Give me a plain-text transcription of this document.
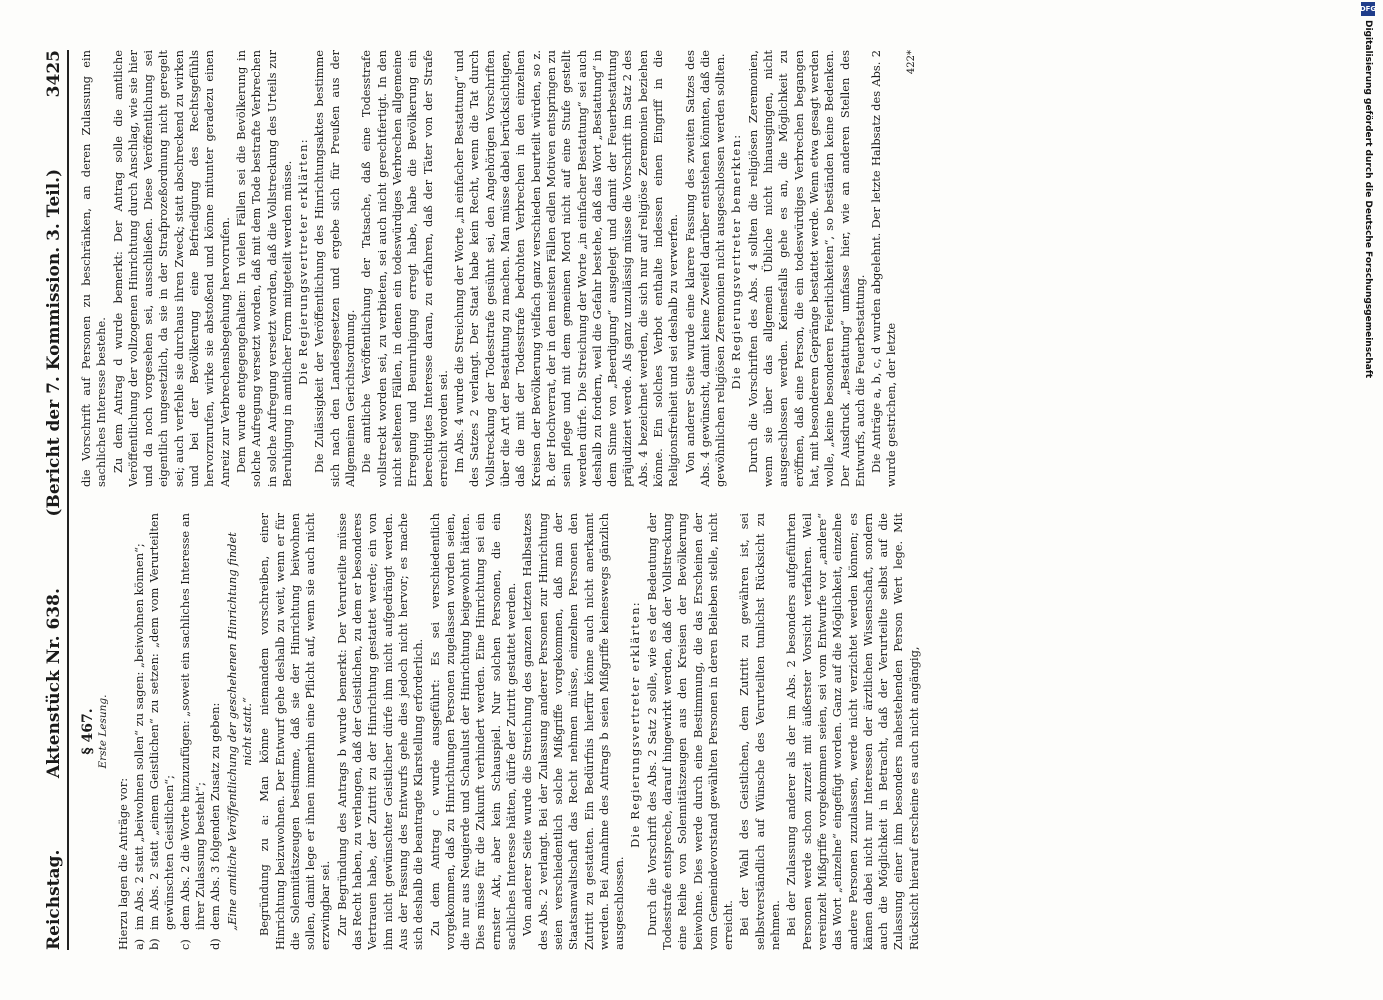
Reichstag.
Aktenstück Nr. 638.
(Bericht der 7. Kommission. 3. Teil.)
3425
§ 467. Erste Lesung.

Hierzu lagen die Anträge vor: a)
im Abs. 2 statt „beiwohnen sollen“ zu sagen: „beiwohnen können“;
b)
im Abs. 2 statt „einem Geistlichen“ zu setzen: „dem vom Verurteilten gewünschten Geistlichen“;
c)
dem Abs. 2 die Worte hinzuzufügen: „soweit ein sachliches Interesse an ihrer Zulassung besteht“;
d)
dem Abs. 3 folgenden Zusatz zu geben: „Eine amtliche Veröffentlichung der geschehenen Hinrichtung findet nicht statt.“ Begründung zu a: Man könne niemandem vorschreiben, einer Hinrichtung beizuwohnen. Der Entwurf gehe deshalb zu weit, wenn er für die Solennitätszeugen bestimme, daß sie der Hinrichtung beiwohnen sollen, damit lege er ihnen immerhin eine Pflicht auf, wenn sie auch nicht erzwingbar sei. Zur Begründung des Antrags b wurde bemerkt: Der Verurteilte müsse das Recht haben, zu verlangen, daß der Geistlichen, zu dem er besonderes Vertrauen habe, der Zutritt zu der Hinrichtung gestattet werde; ein von ihm nicht gewünschter Geistlicher dürfe ihm nicht aufgedrängt werden. Aus der Fassung des Entwurfs gehe dies jedoch nicht hervor; es mache sich deshalb die beantragte Klarstellung erforderlich. Zu dem Antrag c wurde ausgeführt: Es sei verschiedentlich vorgekommen, daß zu Hinrichtungen Personen zugelassen worden seien, die nur aus Neugierde und Schaulust der Hinrichtung beigewohnt hätten. Dies müsse für die Zukunft verhindert werden. Eine Hinrichtung sei ein ernster Akt, aber kein Schauspiel. Nur solchen Personen, die ein sachliches Interesse hätten, dürfe der Zutritt gestattet werden. Von anderer Seite wurde die Streichung des ganzen letzten Halbsatzes des Abs. 2 verlangt. Bei der Zulassung anderer Personen zur Hinrichtung seien verschiedentlich solche Mißgriffe vorgekommen, daß man der Staatsanwaltschaft das Recht nehmen müsse, einzelnen Personen den Zutritt zu gestatten. Ein Bedürfnis hierfür könne auch nicht anerkannt werden. Bei Annahme des Antrags b seien Mißgriffe keineswegs gänzlich ausgeschlossen.

Die Regierungsvertreter erklärten: Durch die Vorschrift des Abs. 2 Satz 2 solle, wie es der Bedeutung der Todesstrafe entspreche, darauf hingewirkt werden, daß der Vollstreckung eine Reihe von Solennitätszeugen aus den Kreisen der Bevölkerung beiwohne. Dies werde durch eine Bestimmung, die das Erscheinen der vom Gemeindevorstand gewählten Personen in deren Belieben stelle, nicht erreicht. Bei der Wahl des Geistlichen, dem Zutritt zu gewähren ist, sei selbstverständlich auf Wünsche des Verurteilten tunlichst Rücksicht zu nehmen. Bei der Zulassung anderer als der im Abs. 2 besonders aufgeführten Personen werde schon zurzeit mit äußerster Vorsicht verfahren. Weil vereinzelt Mißgriffe vorgekommen seien, sei vom Entwurfe vor „andere“ das Wort „einzelne“ eingefügt worden. Ganz auf die Möglichkeit, einzelne andere Personen zuzulassen, werde nicht verzichtet werden können; es kämen dabei nicht nur Interessen der ärztlichen Wissenschaft, sondern auch die Möglichkeit in Betracht, daß der Verurteilte selbst auf die Zulassung einer ihm besonders nahestehenden Person Wert lege. Mit Rücksicht hierauf erscheine es auch nicht angängig,

die Vorschrift auf Personen zu beschränken, an deren Zulassung ein sachliches Interesse bestehe. Zu dem Antrag d wurde bemerkt: Der Antrag solle die amtliche Veröffentlichung der vollzogenen Hinrichtung durch Anschlag, wie sie hier und da noch vorgesehen sei, ausschließen. Diese Veröffentlichung sei eigentlich ungesetzlich, da sie in der Strafprozeßordnung nicht geregelt sei; auch verfehle sie durchaus ihren Zweck; statt abschreckend zu wirken und bei der Bevölkerung eine Befriedigung des Rechtsgefühls hervorzurufen, wirke sie abstoßend und könne mitunter geradezu einen Anreiz zur Verbrechensbegehung hervorrufen. Dem wurde entgegengehalten: In vielen Fällen sei die Bevölkerung in solche Aufregung versetzt worden, daß mit dem Tode bestrafte Verbrechen in solche Aufregung versetzt worden, daß die Vollstreckung des Urteils zur Beruhigung in amtlicher Form mitgeteilt werden müsse. Die Regierungsvertreter erklärten: Die Zulässigkeit der Veröffentlichung des Hinrichtungsaktes bestimme sich nach den Landesgesetzen und ergebe sich für Preußen aus der Allgemeinen Gerichtsordnung. Die amtliche Veröffentlichung der Tatsache, daß eine Todesstrafe vollstreckt worden sei, zu verbieten, sei auch nicht gerechtfertigt. In den nicht seltenen Fällen, in denen ein todeswürdiges Verbrechen allgemeine Erregung und Beunruhigung erregt habe, habe die Bevölkerung ein berechtigtes Interesse daran, zu erfahren, daß der Täter von der Strafe erreicht worden sei. Im Abs. 4 wurde die Streichung der Worte „in einfacher Bestattung“ und des Satzes 2 verlangt. Der Staat habe kein Recht, wenn die Tat durch Vollstreckung der Todesstrafe gesühnt sei, den Angehörigen Vorschriften über die Art der Bestattung zu machen. Man müsse dabei berücksichtigen, daß die mit der Todesstrafe bedrohten Verbrechen in den einzelnen Kreisen der Bevölkerung vielfach ganz verschieden beurteilt würden, so z. B. der Hochverrat, der in den meisten Fällen edlen Motiven entspringen zu sein pflege und mit dem gemeinen Mord nicht auf eine Stufe gestellt werden dürfe. Die Streichung der Worte „in einfacher Bestattung“ sei auch deshalb zu fordern, weil die Gefahr bestehe, daß das Wort „Bestattung“ in dem Sinne von „Beerdigung“ ausgelegt und damit der Feuerbestattung präjudiziert werde. Als ganz unzulässig müsse die Vorschrift im Satz 2 des Abs. 4 bezeichnet werden, die sich nur auf religiöse Zeremonien beziehen könne. Ein solches Verbot enthalte indessen einen Eingriff in die Religionsfreiheit und sei deshalb zu verwerfen. Von anderer Seite wurde eine klarere Fassung des zweiten Satzes des Abs. 4 gewünscht, damit keine Zweifel darüber entstehen könnten, daß die gewöhnlichen religiösen Zeremonien nicht ausgeschlossen werden sollten. Die Regierungsvertreter bemerkten: Durch die Vorschriften des Abs. 4 sollten die religiösen Zeremonien, wenn sie über das allgemein Übliche nicht hinausgingen, nicht ausgeschlossen werden. Keinesfalls gehe es an, die Möglichkeit zu eröffnen, daß eine Person, die ein todeswürdiges Verbrechen begangen hat, mit besonderem Gepränge bestattet werde. Wenn etwa gesagt werden wolle, „keine besonderen Feierlichkeiten“, so beständen keine Bedenken. Der Ausdruck „Bestattung“ umfasse hier, wie an anderen Stellen des Entwurfs, auch die Feuerbestattung. Die Anträge a, b, c, d wurden abgelehnt. Der letzte Halbsatz des Abs. 2 wurde gestrichen, der letzte

422*
DFG
Digitalisierung gefördert durch die Deutsche Forschungsgemeinschaft
